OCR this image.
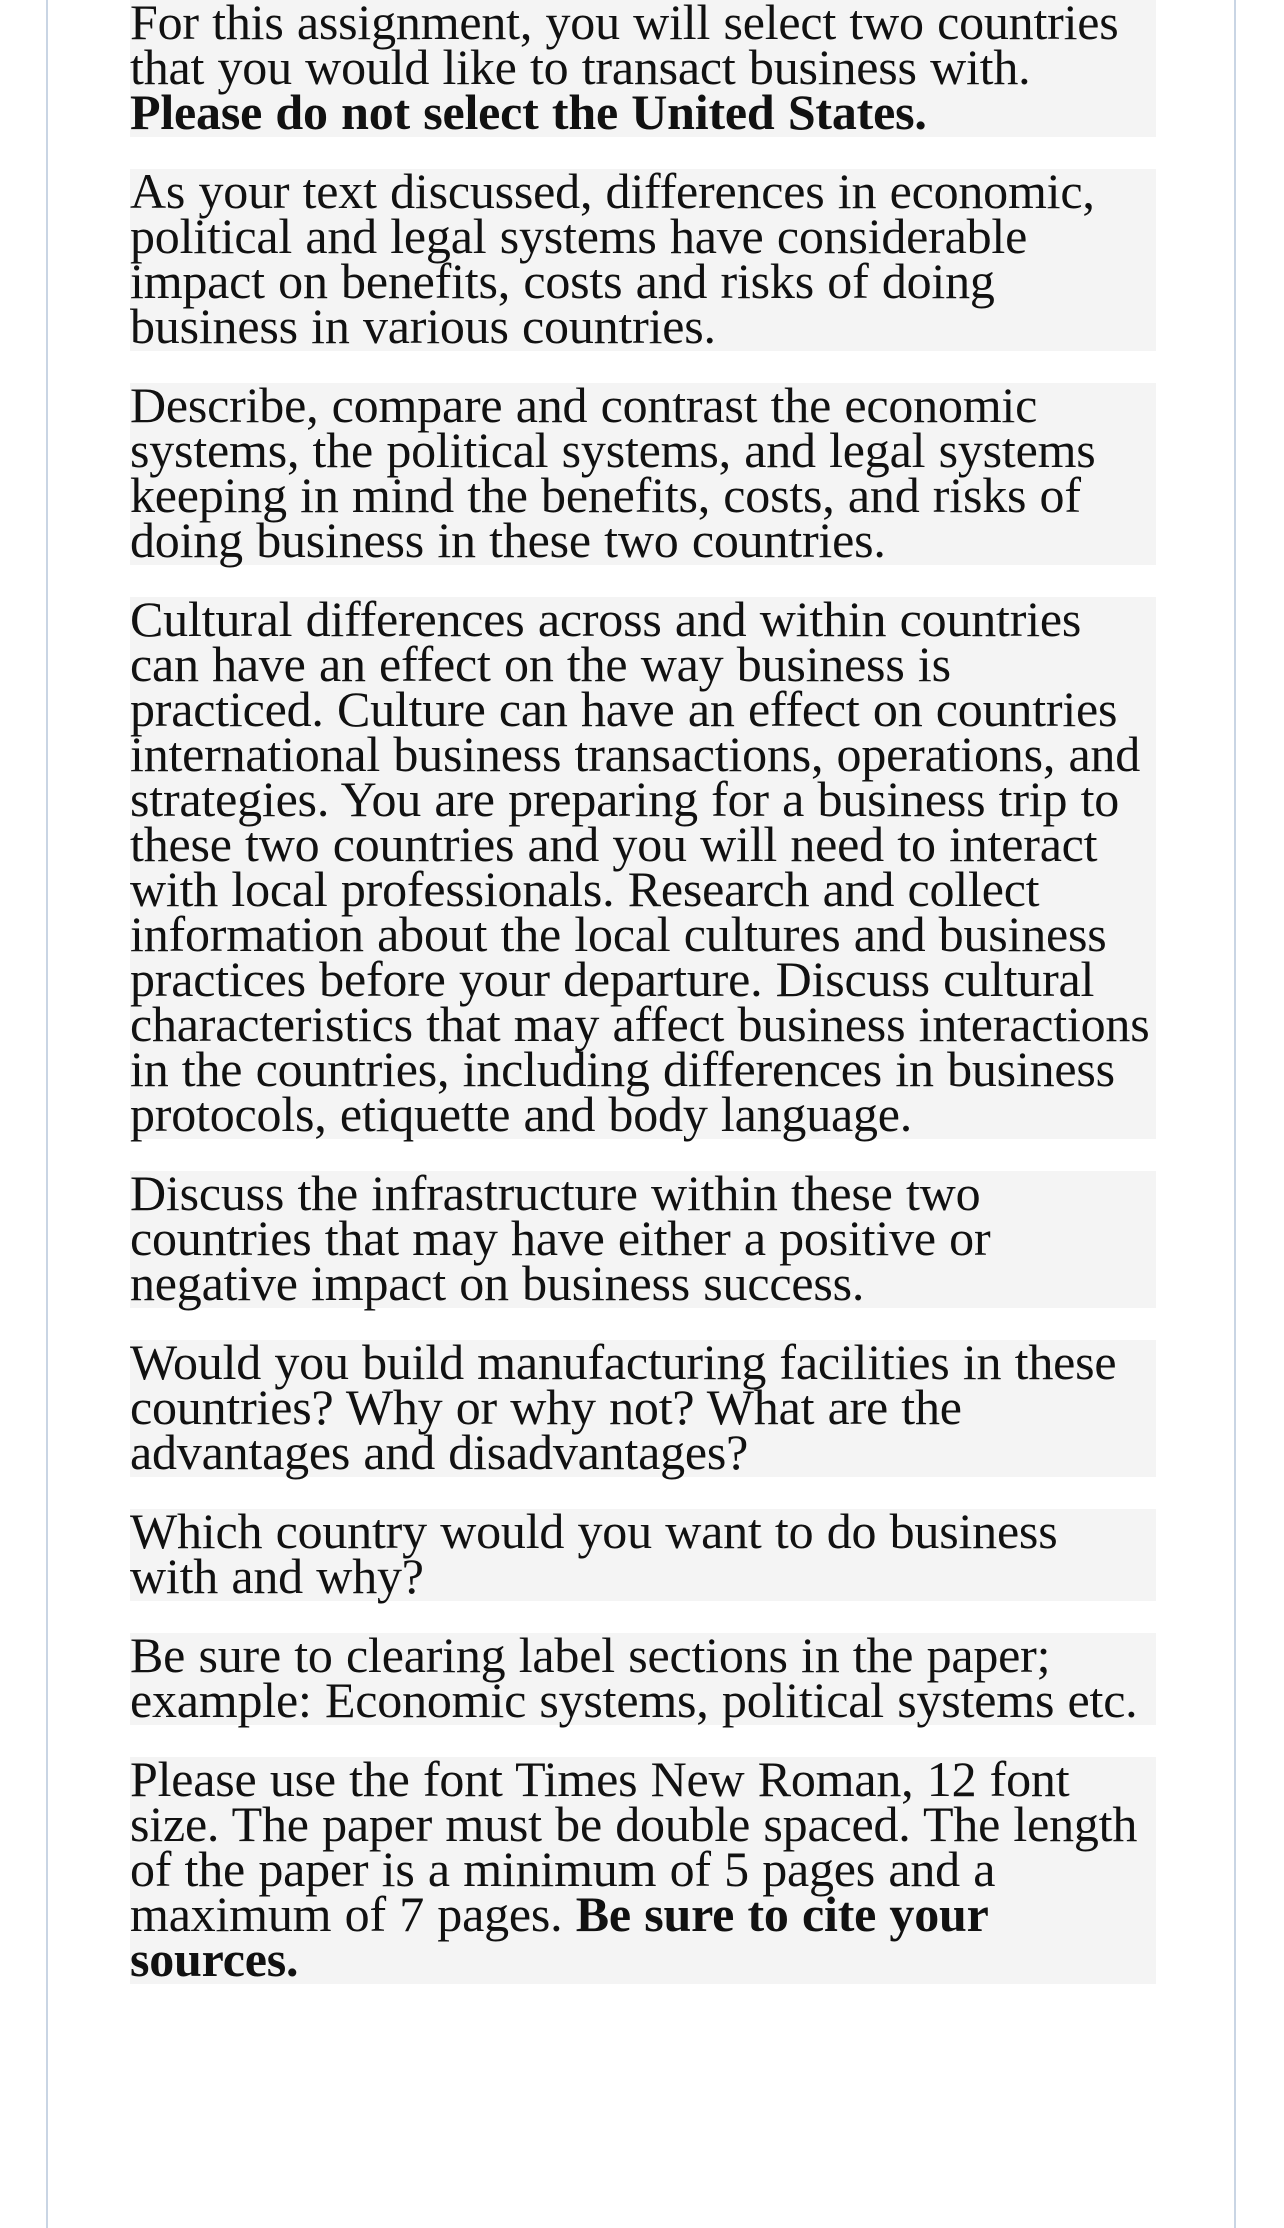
For this assignment, you will select two countries that you would like to transact business with. Please do not select the United States.

As your text discussed, differences in economic, political and legal systems have considerable impact on benefits, costs and risks of doing business in various countries.

Describe, compare and contrast the economic systems, the political systems, and legal systems keeping in mind the benefits, costs, and risks of doing business in these two countries.

Cultural differences across and within countries can have an effect on the way business is practiced. Culture can have an effect on countries international business transactions, operations, and strategies. You are preparing for a business trip to these two countries and you will need to interact with local professionals. Research and collect information about the local cultures and business practices before your departure. Discuss cultural characteristics that may affect business interactions in the countries, including differences in business protocols, etiquette and body language.

Discuss the infrastructure within these two countries that may have either a positive or negative impact on business success.

Would you build manufacturing facilities in these countries? Why or why not? What are the advantages and disadvantages?

Which country would you want to do business with and why?

Be sure to clearing label sections in the paper; example: Economic systems, political systems etc.

Please use the font Times New Roman, 12 font size. The paper must be double spaced. The length of the paper is a minimum of 5 pages and a maximum of 7 pages. Be sure to cite your sources.
